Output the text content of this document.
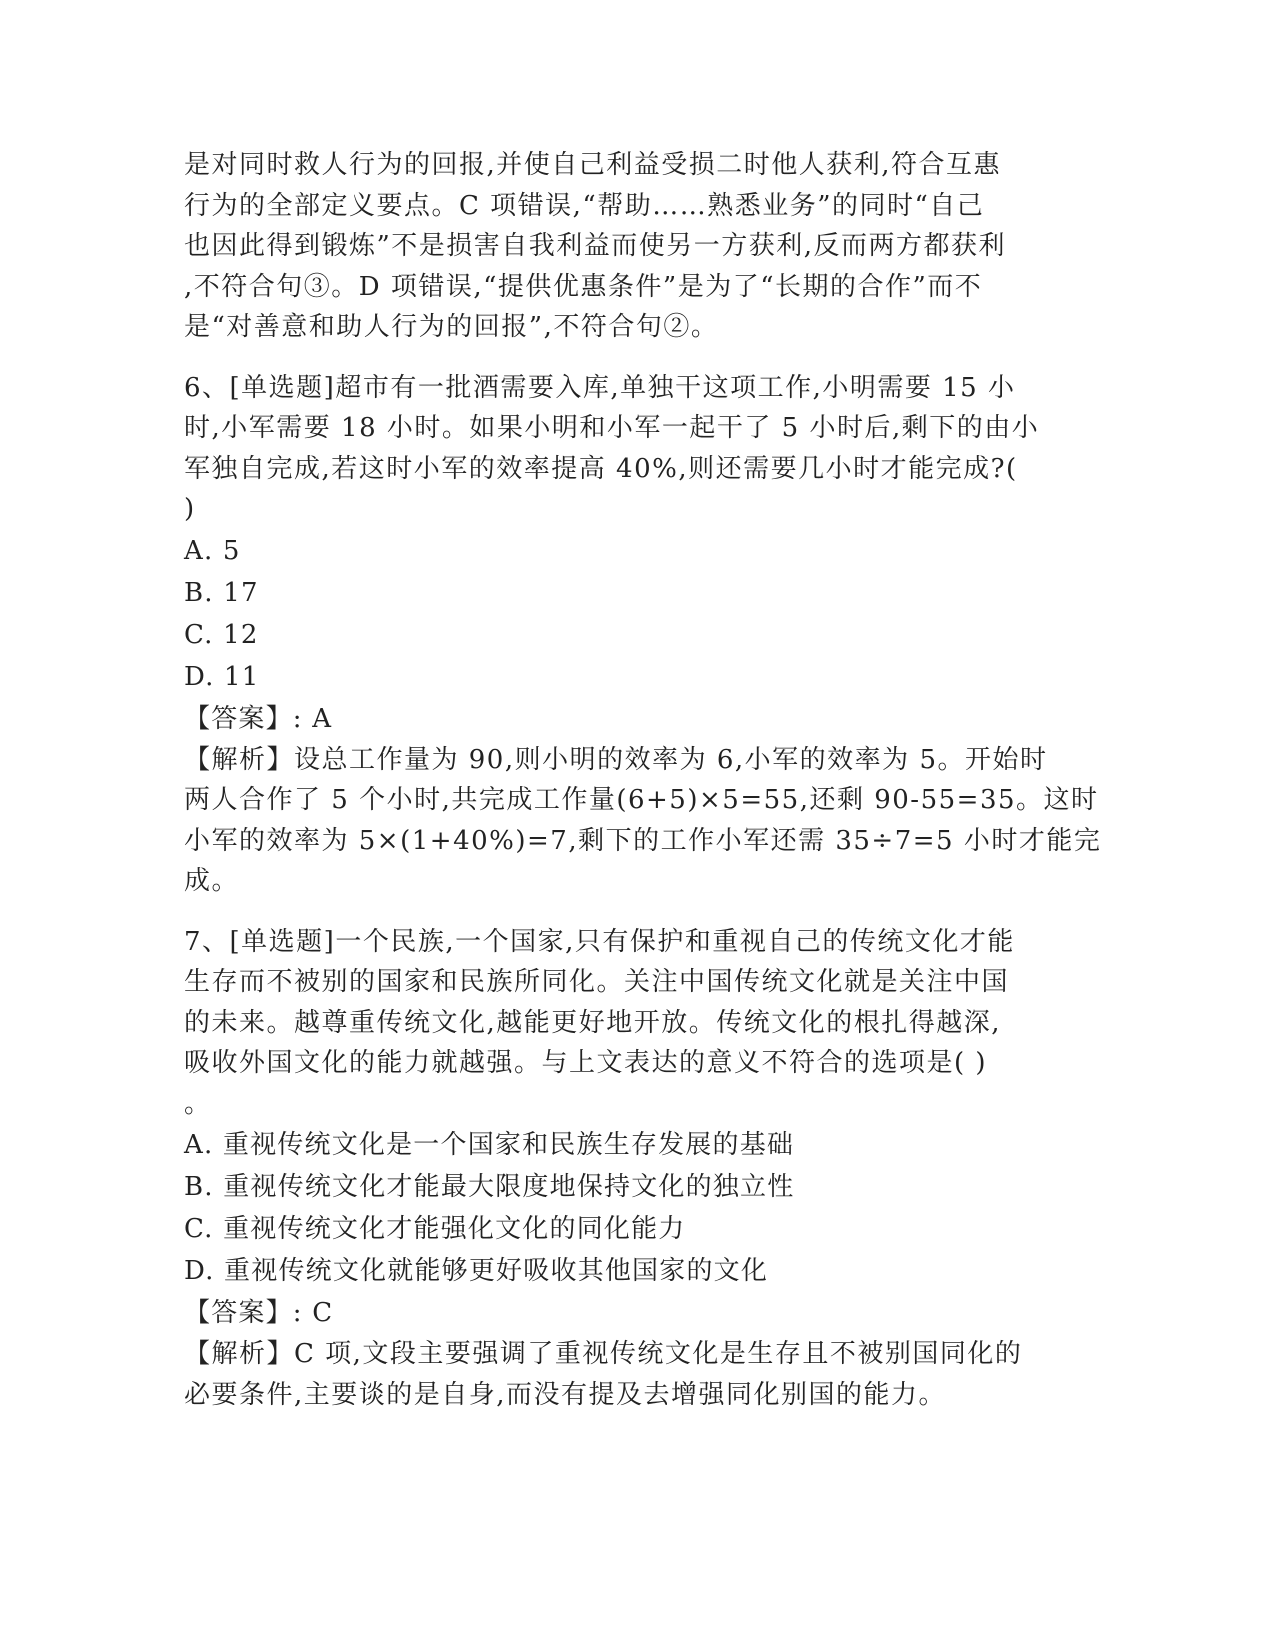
是对同时救人行为的回报,并使自己利益受损二时他人获利,符合互惠
行为的全部定义要点。C 项错误,“帮助……熟悉业务”的同时“自己
也因此得到锻炼”不是损害自我利益而使另一方获利,反而两方都获利
,不符合句③。D 项错误,“提供优惠条件”是为了“长期的合作”而不
是“对善意和助人行为的回报”,不符合句②。
6、[单选题]超市有一批酒需要入库,单独干这项工作,小明需要 15 小
时,小军需要 18 小时。如果小明和小军一起干了 5 小时后,剩下的由小
军独自完成,若这时小军的效率提高 40%,则还需要几小时才能完成?(
)
A. 5
B. 17
C. 12
D. 11
【答案】: A
【解析】设总工作量为 90,则小明的效率为 6,小军的效率为 5。开始时
两人合作了 5 个小时,共完成工作量(6+5)×5=55,还剩 90-55=35。这时
小军的效率为 5×(1+40%)=7,剩下的工作小军还需 35÷7=5 小时才能完
成。
7、[单选题]一个民族,一个国家,只有保护和重视自己的传统文化才能
生存而不被别的国家和民族所同化。关注中国传统文化就是关注中国
的未来。越尊重传统文化,越能更好地开放。传统文化的根扎得越深,
吸收外国文化的能力就越强。与上文表达的意义不符合的选项是( )
。
A. 重视传统文化是一个国家和民族生存发展的基础
B. 重视传统文化才能最大限度地保持文化的独立性
C. 重视传统文化才能强化文化的同化能力
D. 重视传统文化就能够更好吸收其他国家的文化
【答案】: C
【解析】C 项,文段主要强调了重视传统文化是生存且不被别国同化的
必要条件,主要谈的是自身,而没有提及去增强同化别国的能力。
